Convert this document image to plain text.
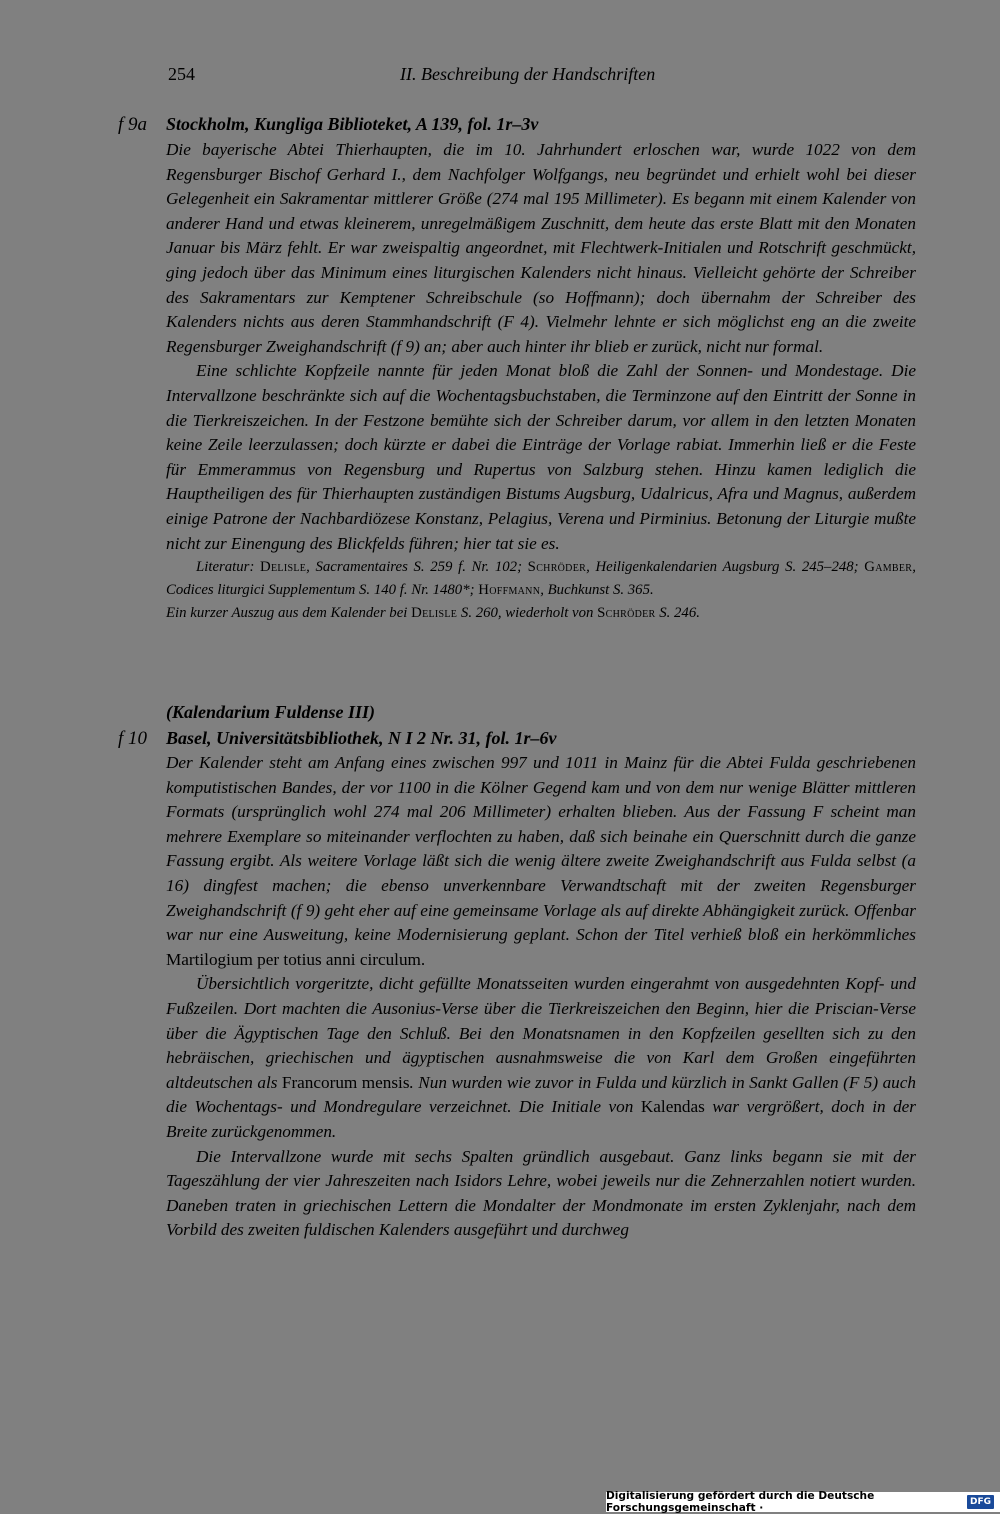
254	II. Beschreibung der Handschriften
f 9a Stockholm, Kungliga Biblioteket, A 139, fol. 1r–3v

Die bayerische Abtei Thierhaupten, die im 10. Jahrhundert erloschen war, wurde 1022 von dem Regensburger Bischof Gerhard I., dem Nachfolger Wolfgangs, neu begründet und erhielt wohl bei dieser Gelegenheit ein Sakramentar mittlerer Größe (274 mal 195 Millimeter). Es begann mit einem Kalender von anderer Hand und etwas kleinerem, unregelmäßigem Zuschnitt, dem heute das erste Blatt mit den Monaten Januar bis März fehlt. Er war zweispaltig angeordnet, mit Flechtwerk-Initialen und Rotschrift geschmückt, ging jedoch über das Minimum eines liturgischen Kalenders nicht hinaus. Vielleicht gehörte der Schreiber des Sakramentars zur Kemptener Schreibschule (so Hoffmann); doch übernahm der Schreiber des Kalenders nichts aus deren Stammhandschrift (F 4). Vielmehr lehnte er sich möglichst eng an die zweite Regensburger Zweighandschrift (f 9) an; aber auch hinter ihr blieb er zurück, nicht nur formal.

Eine schlichte Kopfzeile nannte für jeden Monat bloß die Zahl der Sonnen- und Mondestage. Die Intervallzone beschränkte sich auf die Wochentagsbuchstaben, die Terminzone auf den Eintritt der Sonne in die Tierkreiszeichen. In der Festzone bemühte sich der Schreiber darum, vor allem in den letzten Monaten keine Zeile leerzulassen; doch kürzte er dabei die Einträge der Vorlage rabiat. Immerhin ließ er die Feste für Emmerammus von Regensburg und Rupertus von Salzburg stehen. Hinzu kamen lediglich die Hauptheiligen des für Thierhaupten zuständigen Bistums Augsburg, Udalricus, Afra und Magnus, außerdem einige Patrone der Nachbardiözese Konstanz, Pelagius, Verena und Pirminius. Betonung der Liturgie mußte nicht zur Einengung des Blickfelds führen; hier tat sie es.

Literatur: Delisle, Sacramentaires S. 259 f. Nr. 102; Schröder, Heiligenkalendarien Augsburg S. 245–248; Gamber, Codices liturgici Supplementum S. 140 f. Nr. 1480*; Hoffmann, Buchkunst S. 365.

Ein kurzer Auszug aus dem Kalender bei Delisle S. 260, wiederholt von Schröder S. 246.

(Kalendarium Fuldense III)
f 10 Basel, Universitätsbibliothek, N I 2 Nr. 31, fol. 1r–6v

Der Kalender steht am Anfang eines zwischen 997 und 1011 in Mainz für die Abtei Fulda geschriebenen komputistischen Bandes, der vor 1100 in die Kölner Gegend kam und von dem nur wenige Blätter mittleren Formats (ursprünglich wohl 274 mal 206 Millimeter) erhalten blieben. Aus der Fassung F scheint man mehrere Exemplare so miteinander verflochten zu haben, daß sich beinahe ein Querschnitt durch die ganze Fassung ergibt. Als weitere Vorlage läßt sich die wenig ältere zweite Zweighandschrift aus Fulda selbst (a 16) dingfest machen; die ebenso unverkennbare Verwandtschaft mit der zweiten Regensburger Zweighandschrift (f 9) geht eher auf eine gemeinsame Vorlage als auf direkte Abhängigkeit zurück. Offenbar war nur eine Ausweitung, keine Modernisierung geplant. Schon der Titel verhieß bloß ein herkömmliches Martilogium per totius anni circulum.

Übersichtlich vorgeritzte, dicht gefüllte Monatsseiten wurden eingerahmt von ausgedehnten Kopf- und Fußzeilen. Dort machten die Ausonius-Verse über die Tierkreiszeichen den Beginn, hier die Priscian-Verse über die Ägyptischen Tage den Schluß. Bei den Monatsnamen in den Kopfzeilen gesellten sich zu den hebräischen, griechischen und ägyptischen ausnahmsweise die von Karl dem Großen eingeführten altdeutschen als Francorum mensis. Nun wurden wie zuvor in Fulda und kürzlich in Sankt Gallen (F 5) auch die Wochentags- und Mondregulare verzeichnet. Die Initiale von Kalendas war vergrößert, doch in der Breite zurückgenommen.

Die Intervallzone wurde mit sechs Spalten gründlich ausgebaut. Ganz links begann sie mit der Tageszählung der vier Jahreszeiten nach Isidors Lehre, wobei jeweils nur die Zehnerzahlen notiert wurden. Daneben traten in griechischen Lettern die Mondalter der Mondmonate im ersten Zyklenjahr, nach dem Vorbild des zweiten fuldischen Kalenders ausgeführt und durchweg

Digitalisierung gefördert durch die Deutsche Forschungsgemeinschaft ·	DFG
